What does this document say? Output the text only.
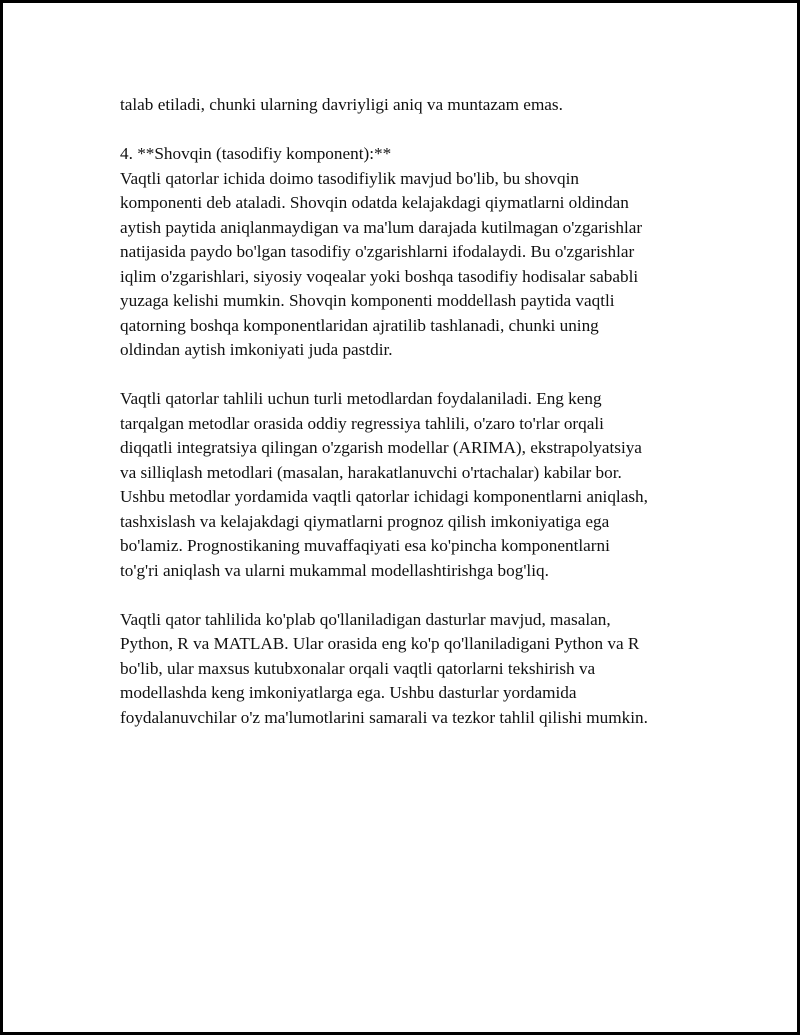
talab etiladi, chunki ularning davriyligi aniq va muntazam emas.

4. **Shovqin (tasodifiy komponent):**

Vaqtli qatorlar ichida doimo tasodifiylik mavjud bo'lib, bu shovqin
komponenti deb ataladi. Shovqin odatda kelajakdagi qiymatlarni oldindan
aytish paytida aniqlanmaydigan va ma'lum darajada kutilmagan o'zgarishlar
natijasida paydo bo'lgan tasodifiy o'zgarishlarni ifodalaydi. Bu o'zgarishlar
iqlim o'zgarishlari, siyosiy voqealar yoki boshqa tasodifiy hodisalar sababli
yuzaga kelishi mumkin. Shovqin komponenti moddellash paytida vaqtli
qatorning boshqa komponentlaridan ajratilib tashlanadi, chunki uning
oldindan aytish imkoniyati juda pastdir.

Vaqtli qatorlar tahlili uchun turli metodlardan foydalaniladi. Eng keng
tarqalgan metodlar orasida oddiy regressiya tahlili, o'zaro to'rlar orqali
diqqatli integratsiya qilingan o'zgarish modellar (ARIMA), ekstrapolyatsiya
va silliqlash metodlari (masalan, harakatlanuvchi o'rtachalar) kabilar bor.
Ushbu metodlar yordamida vaqtli qatorlar ichidagi komponentlarni aniqlash,
tashxislash va kelajakdagi qiymatlarni prognoz qilish imkoniyatiga ega
bo'lamiz. Prognostikaning muvaffaqiyati esa ko'pincha komponentlarni
to'g'ri aniqlash va ularni mukammal modellashtirishga bog'liq.

Vaqtli qator tahlilida ko'plab qo'llaniladigan dasturlar mavjud, masalan,
Python, R va MATLAB. Ular orasida eng ko'p qo'llaniladigani Python va R
bo'lib, ular maxsus kutubxonalar orqali vaqtli qatorlarni tekshirish va
modellashda keng imkoniyatlarga ega. Ushbu dasturlar yordamida
foydalanuvchilar o'z ma'lumotlarini samarali va tezkor tahlil qilishi mumkin.
